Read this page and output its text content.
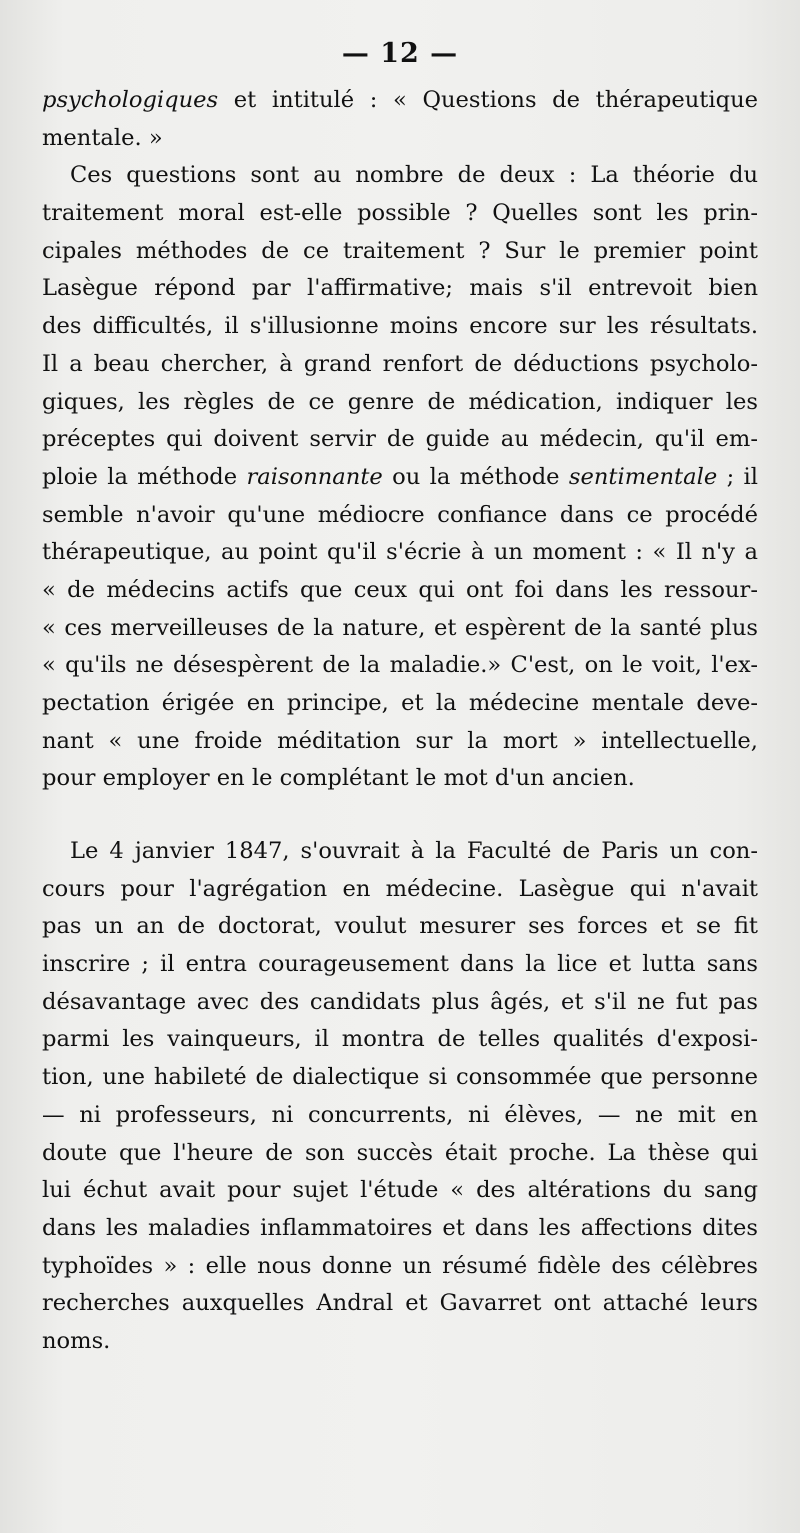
— 12 —
psychologiques et intitulé : « Questions de thérapeutique
mentale. »
Ces questions sont au nombre de deux : La théorie du
traitement moral est-elle possible ? Quelles sont les prin-
cipales méthodes de ce traitement ? Sur le premier point
Lasègue répond par l'affirmative; mais s'il entrevoit bien
des difficultés, il s'illusionne moins encore sur les résultats.
Il a beau chercher, à grand renfort de déductions psycholo-
giques, les règles de ce genre de médication, indiquer les
préceptes qui doivent servir de guide au médecin, qu'il em-
ploie la méthode raisonnante ou la méthode sentimentale ; il
semble n'avoir qu'une médiocre confiance dans ce procédé
thérapeutique, au point qu'il s'écrie à un moment : « Il n'y a
« de médecins actifs que ceux qui ont foi dans les ressour-
« ces merveilleuses de la nature, et espèrent de la santé plus
« qu'ils ne désespèrent de la maladie.» C'est, on le voit, l'ex-
pectation érigée en principe, et la médecine mentale deve-
nant « une froide méditation sur la mort » intellectuelle,
pour employer en le complétant le mot d'un ancien.
Le 4 janvier 1847, s'ouvrait à la Faculté de Paris un con-
cours pour l'agrégation en médecine. Lasègue qui n'avait
pas un an de doctorat, voulut mesurer ses forces et se fit
inscrire ; il entra courageusement dans la lice et lutta sans
désavantage avec des candidats plus âgés, et s'il ne fut pas
parmi les vainqueurs, il montra de telles qualités d'exposi-
tion, une habileté de dialectique si consommée que personne
— ni professeurs, ni concurrents, ni élèves, — ne mit en
doute que l'heure de son succès était proche. La thèse qui
lui échut avait pour sujet l'étude « des altérations du sang
dans les maladies inflammatoires et dans les affections dites
typhoïdes » : elle nous donne un résumé fidèle des célèbres
recherches auxquelles Andral et Gavarret ont attaché leurs
noms.
